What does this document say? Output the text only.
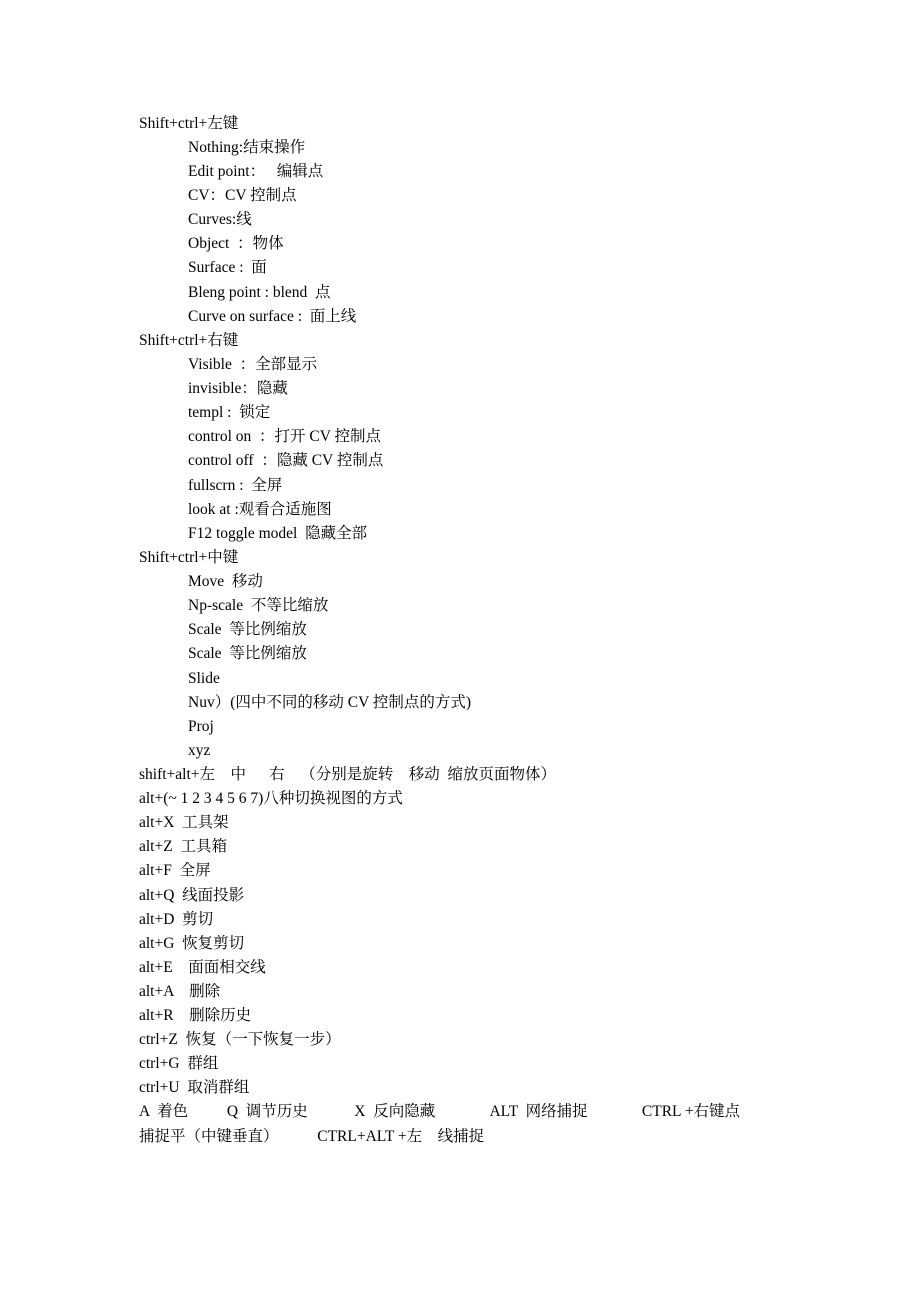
Shift+ctrl+左键

Nothing:结束操作

Edit point：   编辑点

CV：CV 控制点

Curves:线

Object  ：物体

Surface :  面

Bleng point : blend  点

Curve on surface :  面上线

Shift+ctrl+右键

Visible  ：全部显示

invisible：隐藏

templ :  锁定

control on  ：打开 CV 控制点

control off  ：隐藏 CV 控制点

fullscrn :  全屏

look at :观看合适施图

F12 toggle model  隐藏全部

Shift+ctrl+中键

Move  移动

Np-scale  不等比缩放

Scale  等比例缩放

Scale  等比例缩放

Slide

Nuv）(四中不同的移动 CV 控制点的方式)

Proj

xyz

shift+alt+左    中      右    （分别是旋转    移动  缩放页面物体）

alt+(~ 1 2 3 4 5 6 7)八种切换视图的方式

alt+X  工具架

alt+Z  工具箱

alt+F  全屏

alt+Q  线面投影

alt+D  剪切

alt+G  恢复剪切

alt+E    面面相交线

alt+A    删除

alt+R    删除历史

ctrl+Z  恢复（一下恢复一步）

ctrl+G  群组

ctrl+U  取消群组

A  着色          Q  调节历史            X  反向隐藏              ALT  网络捕捉              CTRL +右键点

捕捉平（中键垂直）          CTRL+ALT +左    线捕捉
